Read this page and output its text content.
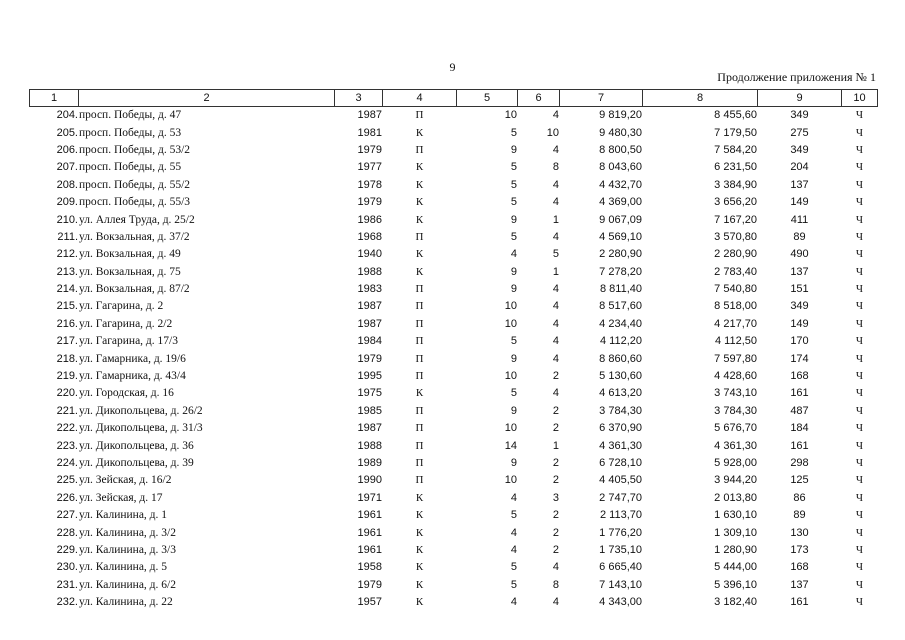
9
Продолжение приложения № 1
1	2	3	4	5	6	7	8	9	10
204.	просп. Победы, д. 47	1987	П	10	4	9 819,20	8 455,60	349	Ч
205.	просп. Победы, д. 53	1981	К	5	10	9 480,30	7 179,50	275	Ч
206.	просп. Победы, д. 53/2	1979	П	9	4	8 800,50	7 584,20	349	Ч
207.	просп. Победы, д. 55	1977	К	5	8	8 043,60	6 231,50	204	Ч
208.	просп. Победы, д. 55/2	1978	К	5	4	4 432,70	3 384,90	137	Ч
209.	просп. Победы, д. 55/3	1979	К	5	4	4 369,00	3 656,20	149	Ч
210.	ул. Аллея Труда, д. 25/2	1986	К	9	1	9 067,09	7 167,20	411	Ч
211.	ул. Вокзальная, д. 37/2	1968	П	5	4	4 569,10	3 570,80	89	Ч
212.	ул. Вокзальная, д. 49	1940	К	4	5	2 280,90	2 280,90	490	Ч
213.	ул. Вокзальная, д. 75	1988	К	9	1	7 278,20	2 783,40	137	Ч
214.	ул. Вокзальная, д. 87/2	1983	П	9	4	8 811,40	7 540,80	151	Ч
215.	ул. Гагарина, д. 2	1987	П	10	4	8 517,60	8 518,00	349	Ч
216.	ул. Гагарина, д. 2/2	1987	П	10	4	4 234,40	4 217,70	149	Ч
217.	ул. Гагарина, д. 17/3	1984	П	5	4	4 112,20	4 112,50	170	Ч
218.	ул. Гамарника, д. 19/6	1979	П	9	4	8 860,60	7 597,80	174	Ч
219.	ул. Гамарника, д. 43/4	1995	П	10	2	5 130,60	4 428,60	168	Ч
220.	ул. Городская, д. 16	1975	К	5	4	4 613,20	3 743,10	161	Ч
221.	ул. Дикопольцева, д. 26/2	1985	П	9	2	3 784,30	3 784,30	487	Ч
222.	ул. Дикопольцева, д. 31/3	1987	П	10	2	6 370,90	5 676,70	184	Ч
223.	ул. Дикопольцева, д. 36	1988	П	14	1	4 361,30	4 361,30	161	Ч
224.	ул. Дикопольцева, д. 39	1989	П	9	2	6 728,10	5 928,00	298	Ч
225.	ул. Зейская, д. 16/2	1990	П	10	2	4 405,50	3 944,20	125	Ч
226.	ул. Зейская, д. 17	1971	К	4	3	2 747,70	2 013,80	86	Ч
227.	ул. Калинина, д. 1	1961	К	5	2	2 113,70	1 630,10	89	Ч
228.	ул. Калинина, д. 3/2	1961	К	4	2	1 776,20	1 309,10	130	Ч
229.	ул. Калинина, д. 3/3	1961	К	4	2	1 735,10	1 280,90	173	Ч
230.	ул. Калинина, д. 5	1958	К	5	4	6 665,40	5 444,00	168	Ч
231.	ул. Калинина, д. 6/2	1979	К	5	8	7 143,10	5 396,10	137	Ч
232.	ул. Калинина, д. 22	1957	К	4	4	4 343,00	3 182,40	161	Ч
